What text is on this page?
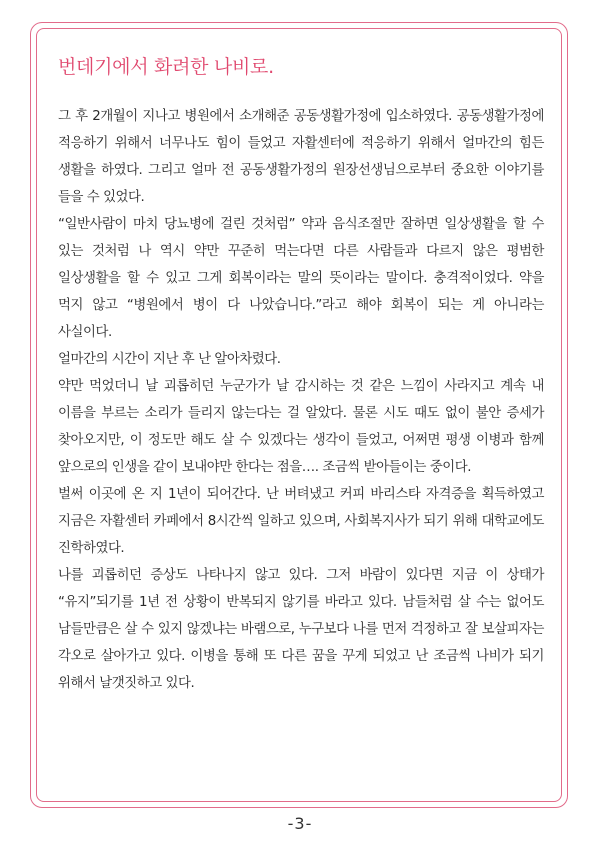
번데기에서 화려한 나비로.

그 후 2개월이 지나고 병원에서 소개해준 공동생활가정에 입소하였다. 공동생활가정에 적응하기 위해서 너무나도 힘이 들었고 자활센터에 적응하기 위해서 얼마간의 힘든 생활을 하였다. 그리고 얼마 전 공동생활가정의 원장선생님으로부터 중요한 이야기를 들을 수 있었다.

“일반사람이 마치 당뇨병에 걸린 것처럼” 약과 음식조절만 잘하면 일상생활을 할 수 있는 것처럼 나 역시 약만 꾸준히 먹는다면 다른 사람들과 다르지 않은 평범한 일상생활을 할 수 있고 그게 회복이라는 말의 뜻이라는 말이다. 충격적이었다. 약을 먹지 않고 “병원에서 병이 다 나았습니다.”라고 해야 회복이 되는 게 아니라는 사실이다.

얼마간의 시간이 지난 후 난 알아차렸다.

약만 먹었더니 날 괴롭히던 누군가가 날 감시하는 것 같은 느낌이 사라지고 계속 내 이름을 부르는 소리가 들리지 않는다는 걸 알았다. 물론 시도 때도 없이 불안 증세가 찾아오지만, 이 정도만 해도 살 수 있겠다는 생각이 들었고, 어쩌면 평생 이병과 함께 앞으로의 인생을 같이 보내야만 한다는 점을…. 조금씩 받아들이는 중이다.

벌써 이곳에 온 지 1년이 되어간다. 난 버텨냈고 커피 바리스타 자격증을 획득하였고 지금은 자활센터 카페에서 8시간씩 일하고 있으며, 사회복지사가 되기 위해 대학교에도 진학하였다.

나를 괴롭히던 증상도 나타나지 않고 있다. 그저 바람이 있다면 지금 이 상태가 “유지”되기를 1년 전 상황이 반복되지 않기를 바라고 있다. 남들처럼 살 수는 없어도 남들만큼은 살 수 있지 않겠냐는 바램으로, 누구보다 나를 먼저 걱정하고 잘 보살피자는 각오로 살아가고 있다. 이병을 통해 또 다른 꿈을 꾸게 되었고 난 조금씩 나비가 되기 위해서 날갯짓하고 있다.

-3-
